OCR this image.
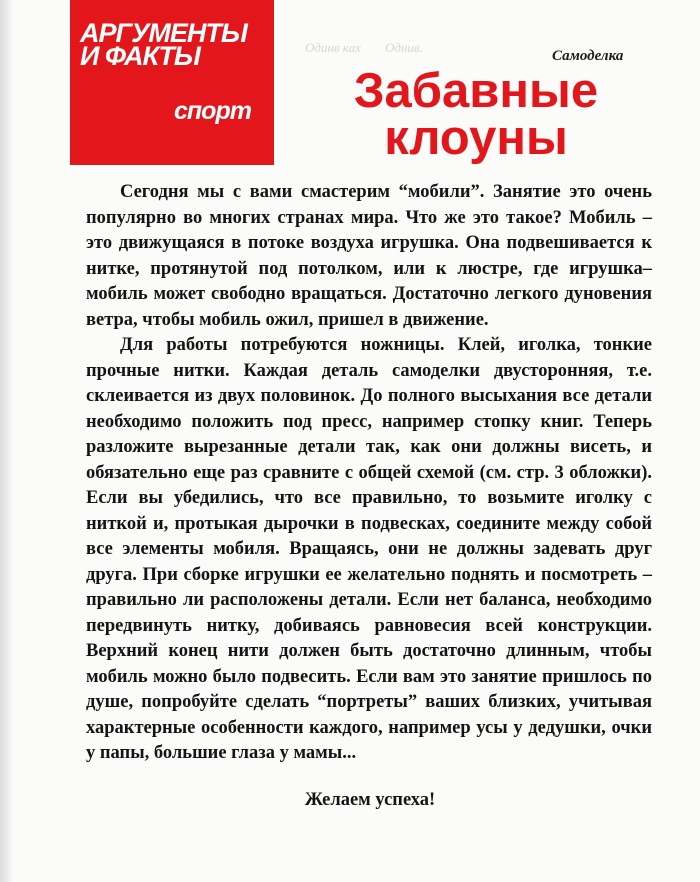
АРГУМЕНТЫ
И ФАКТЫ
спорт
Одинв ках Однив.
Самоделка
Забавные
клоуны

Сегодня мы с вами смастерим “мобили”. Занятие это очень популярно во многих странах мира. Что же это такое? Мобиль – это движущаяся в потоке воздуха игрушка. Она подвешивается к нитке, протянутой под потолком, или к люстре, где игрушка–мобиль может свободно вращаться. Достаточно легкого дуновения ветра, чтобы мобиль ожил, пришел в движение.

Для работы потребуются ножницы. Клей, иголка, тонкие прочные нитки. Каждая деталь самоделки двусторонняя, т.е. склеивается из двух половинок. До полного высыхания все детали необходимо положить под пресс, например стопку книг. Теперь разложите вырезанные детали так, как они должны висеть, и обязательно еще раз сравните с общей схемой (см. стр. 3 обложки). Если вы убедились, что все правильно, то возьмите иголку с ниткой и, протыкая дырочки в подвесках, соедините между собой все элементы мобиля. Вращаясь, они не должны задевать друг друга. При сборке игрушки ее желательно поднять и посмотреть – правильно ли расположены детали. Если нет баланса, необходимо передвинуть нитку, добиваясь равновесия всей конструкции. Верхний конец нити должен быть достаточно длинным, чтобы мобиль можно было подвесить. Если вам это занятие пришлось по душе, попробуйте сделать “портреты” ваших близких, учитывая характерные особенности каждого, например усы у дедушки, очки у папы, большие глаза у мамы...

Желаем успеха!
